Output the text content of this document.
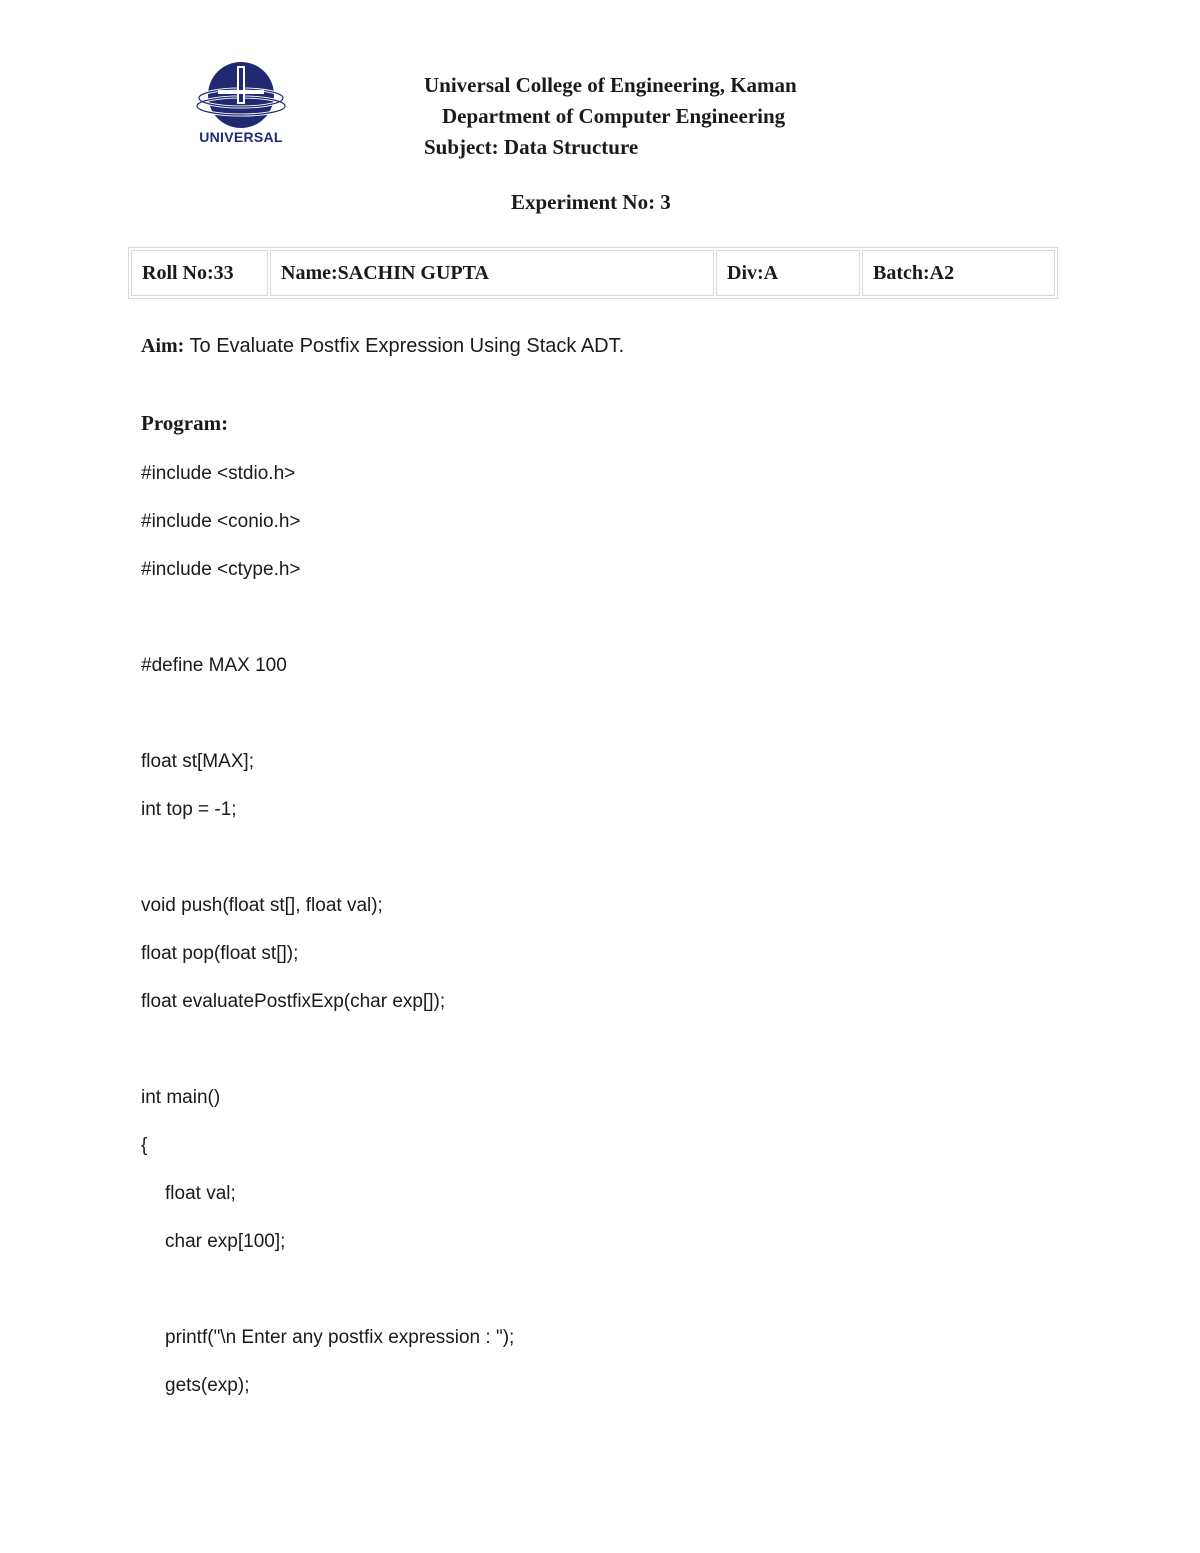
UNIVERSAL
Universal College of Engineering, Kaman
Department of Computer Engineering
Subject: Data Structure
Experiment No: 3
Roll No:33	Name:SACHIN GUPTA	Div:A	Batch:A2
Aim: To Evaluate Postfix Expression Using Stack ADT.
Program:
#include <stdio.h>
#include <conio.h>
#include <ctype.h>
#define MAX 100
float st[MAX];
int top = -1;
void push(float st[], float val);
float pop(float st[]);
float evaluatePostfixExp(char exp[]);
int main()
{
float val;
char exp[100];
printf("\n Enter any postfix expression : ");
gets(exp);
